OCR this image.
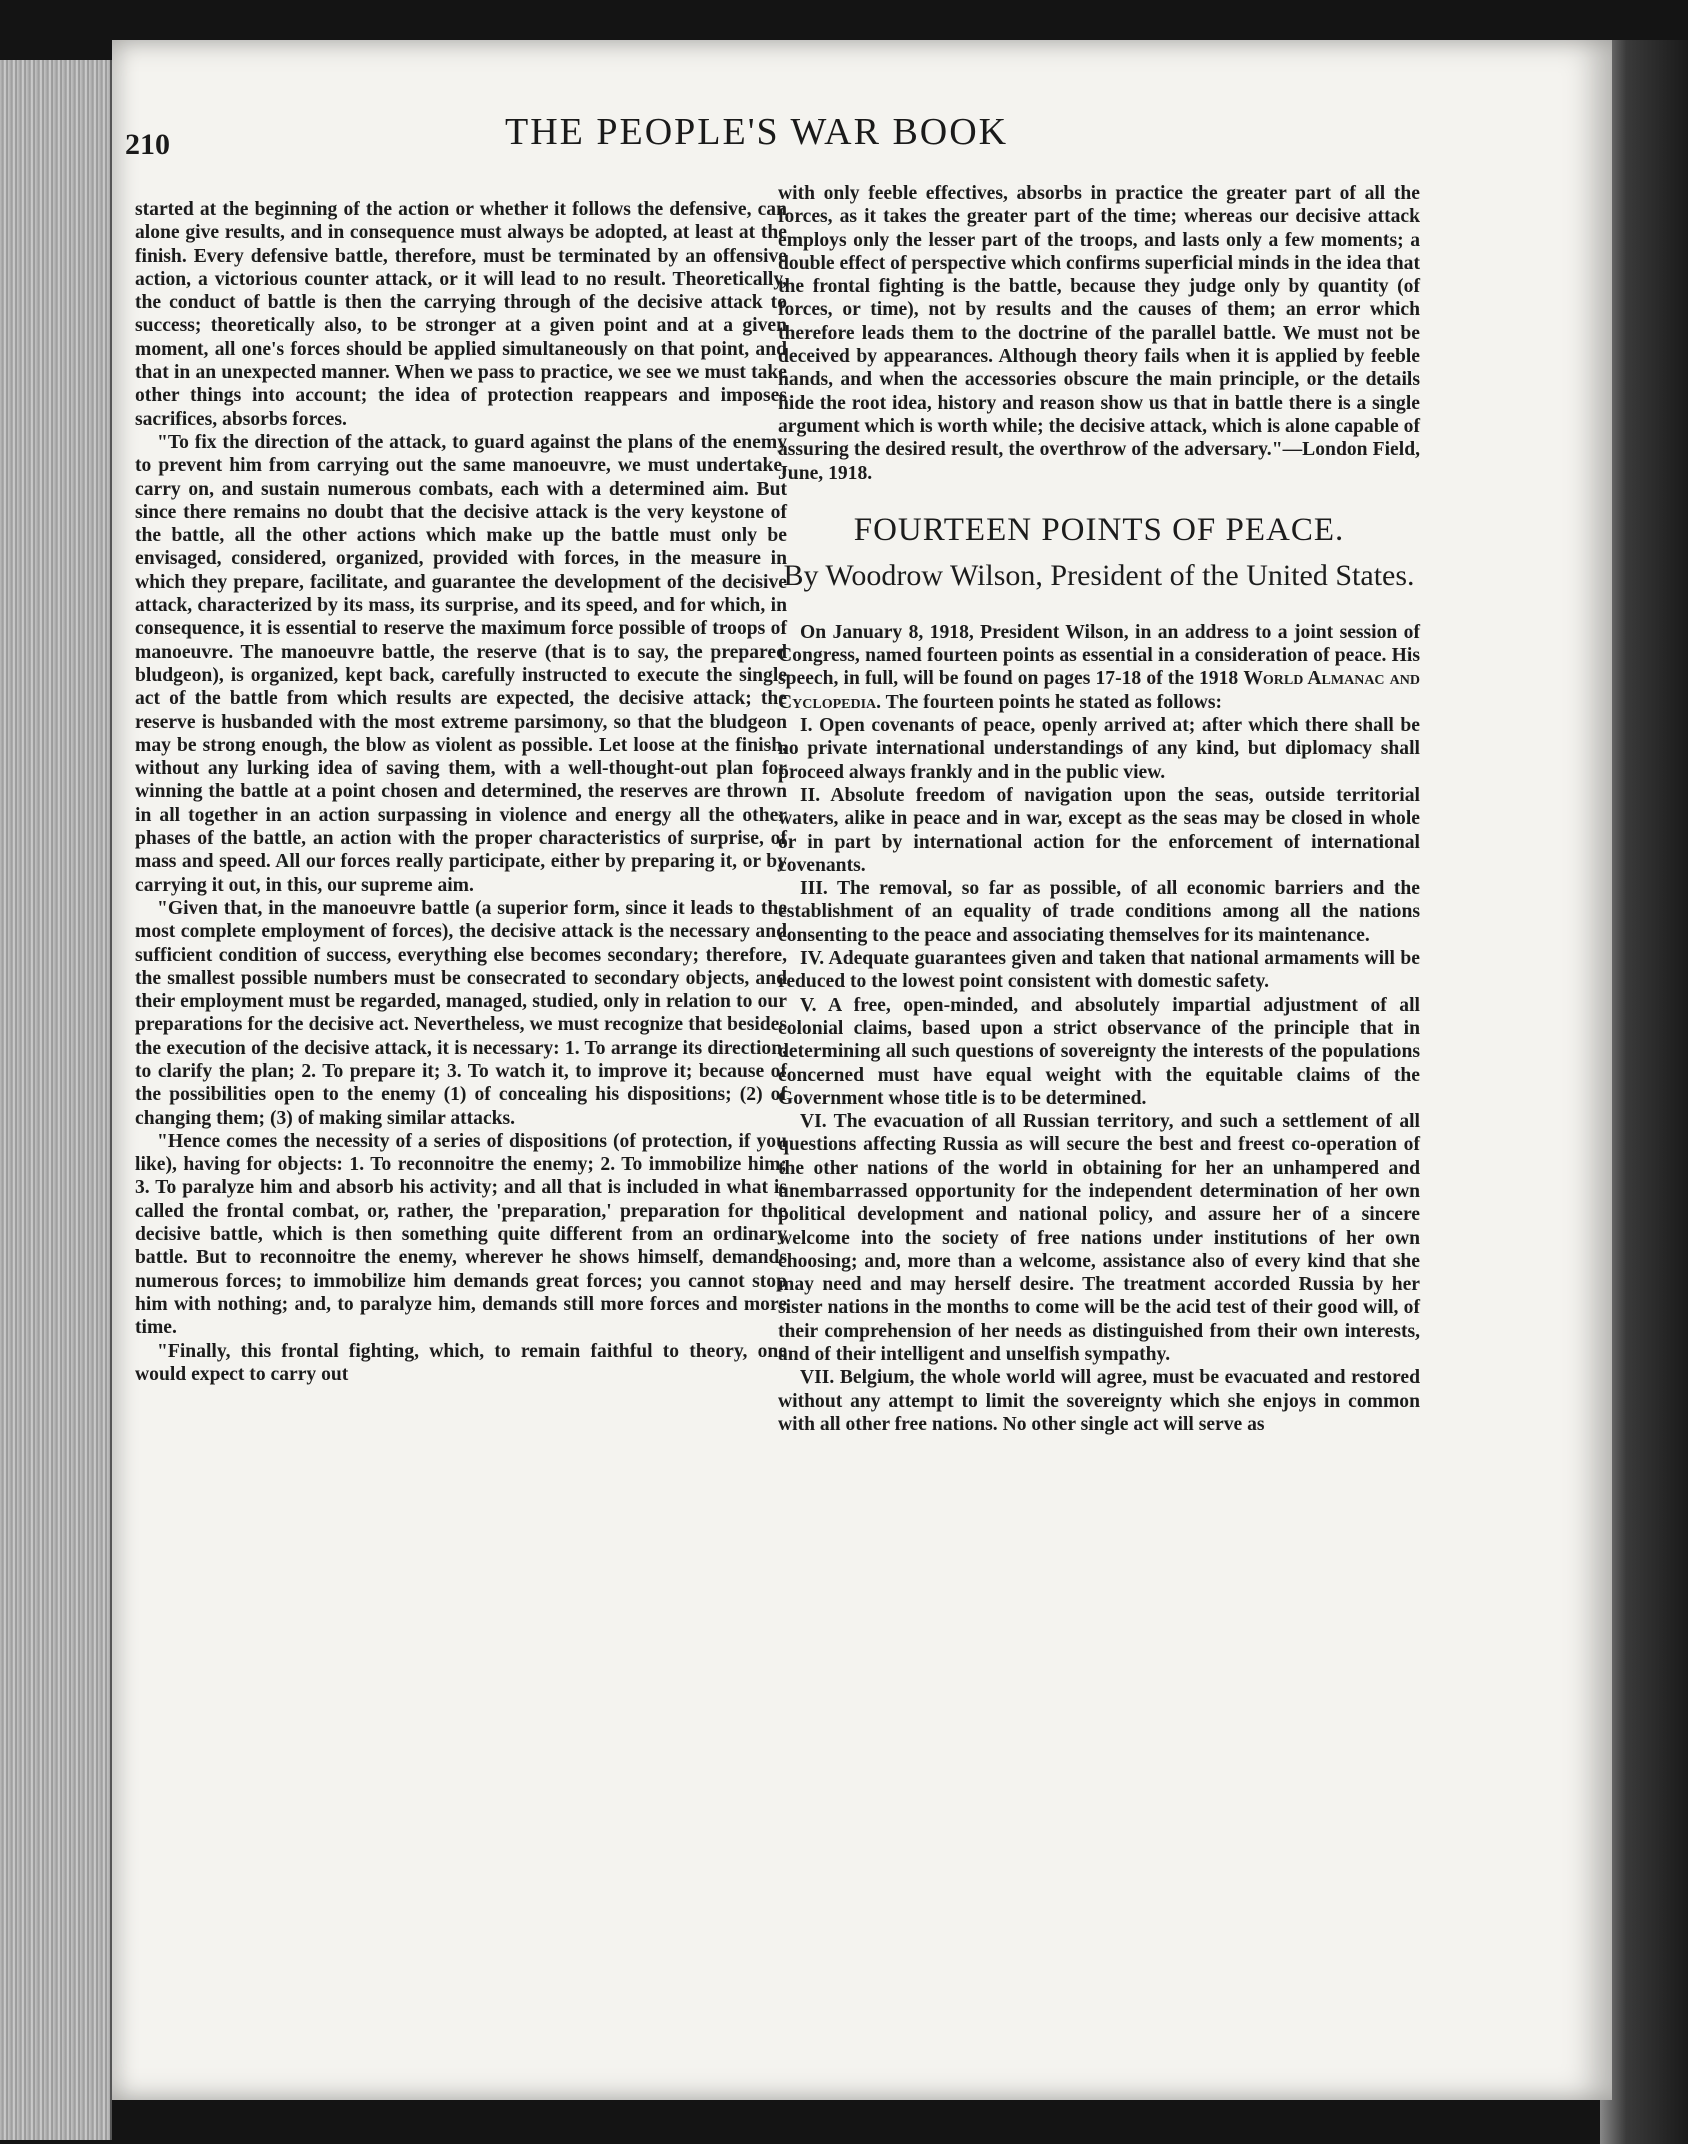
210	THE PEOPLE'S WAR BOOK

started at the beginning of the action or whether it follows the defensive, can alone give results, and in consequence must always be adopted, at least at the finish. Every defensive battle, therefore, must be terminated by an offensive action, a victorious counter attack, or it will lead to no result. Theoretically, the conduct of battle is then the carrying through of the decisive attack to success; theoretically also, to be stronger at a given point and at a given moment, all one's forces should be applied simultaneously on that point, and that in an unexpected manner. When we pass to practice, we see we must take other things into account; the idea of protection reappears and imposes sacrifices, absorbs forces.

"To fix the direction of the attack, to guard against the plans of the enemy to prevent him from carrying out the same manoeuvre, we must undertake, carry on, and sustain numerous combats, each with a determined aim. But since there remains no doubt that the decisive attack is the very keystone of the battle, all the other actions which make up the battle must only be envisaged, considered, organized, provided with forces, in the measure in which they prepare, facilitate, and guarantee the development of the decisive attack, characterized by its mass, its surprise, and its speed, and for which, in consequence, it is essential to reserve the maximum force possible of troops of manoeuvre. The manoeuvre battle, the reserve (that is to say, the prepared bludgeon), is organized, kept back, carefully instructed to execute the single act of the battle from which results are expected, the decisive attack; the reserve is husbanded with the most extreme parsimony, so that the bludgeon may be strong enough, the blow as violent as possible. Let loose at the finish, without any lurking idea of saving them, with a well-thought-out plan for winning the battle at a point chosen and determined, the reserves are thrown in all together in an action surpassing in violence and energy all the other phases of the battle, an action with the proper characteristics of surprise, of mass and speed. All our forces really participate, either by preparing it, or by carrying it out, in this, our supreme aim.

"Given that, in the manoeuvre battle (a superior form, since it leads to the most complete employment of forces), the decisive attack is the necessary and sufficient condition of success, everything else becomes secondary; therefore, the smallest possible numbers must be consecrated to secondary objects, and their employment must be regarded, managed, studied, only in relation to our preparations for the decisive act. Nevertheless, we must recognize that besides the execution of the decisive attack, it is necessary: 1. To arrange its direction, to clarify the plan; 2. To prepare it; 3. To watch it, to improve it; because of the possibilities open to the enemy (1) of concealing his dispositions; (2) of changing them; (3) of making similar attacks.

"Hence comes the necessity of a series of dispositions (of protection, if you like), having for objects: 1. To reconnoitre the enemy; 2. To immobilize him; 3. To paralyze him and absorb his activity; and all that is included in what is called the frontal combat, or, rather, the 'preparation,' preparation for the decisive battle, which is then something quite different from an ordinary battle. But to reconnoitre the enemy, wherever he shows himself, demands numerous forces; to immobilize him demands great forces; you cannot stop him with nothing; and, to paralyze him, demands still more forces and more time.

"Finally, this frontal fighting, which, to remain faithful to theory, one would expect to carry out

with only feeble effectives, absorbs in practice the greater part of all the forces, as it takes the greater part of the time; whereas our decisive attack employs only the lesser part of the troops, and lasts only a few moments; a double effect of perspective which confirms superficial minds in the idea that the frontal fighting is the battle, because they judge only by quantity (of forces, or time), not by results and the causes of them; an error which therefore leads them to the doctrine of the parallel battle. We must not be deceived by appearances. Although theory fails when it is applied by feeble hands, and when the accessories obscure the main principle, or the details hide the root idea, history and reason show us that in battle there is a single argument which is worth while; the decisive attack, which is alone capable of assuring the desired result, the overthrow of the adversary."—London Field, June, 1918.

FOURTEEN POINTS OF PEACE.
By Woodrow Wilson, President of the United States.

On January 8, 1918, President Wilson, in an address to a joint session of Congress, named fourteen points as essential in a consideration of peace. His speech, in full, will be found on pages 17-18 of the 1918 World Almanac and Cyclopedia. The fourteen points he stated as follows:

I. Open covenants of peace, openly arrived at; after which there shall be no private international understandings of any kind, but diplomacy shall proceed always frankly and in the public view.

II. Absolute freedom of navigation upon the seas, outside territorial waters, alike in peace and in war, except as the seas may be closed in whole or in part by international action for the enforcement of international covenants.

III. The removal, so far as possible, of all economic barriers and the establishment of an equality of trade conditions among all the nations consenting to the peace and associating themselves for its maintenance.

IV. Adequate guarantees given and taken that national armaments will be reduced to the lowest point consistent with domestic safety.

V. A free, open-minded, and absolutely impartial adjustment of all colonial claims, based upon a strict observance of the principle that in determining all such questions of sovereignty the interests of the populations concerned must have equal weight with the equitable claims of the Government whose title is to be determined.

VI. The evacuation of all Russian territory, and such a settlement of all questions affecting Russia as will secure the best and freest co-operation of the other nations of the world in obtaining for her an unhampered and unembarrassed opportunity for the independent determination of her own political development and national policy, and assure her of a sincere welcome into the society of free nations under institutions of her own choosing; and, more than a welcome, assistance also of every kind that she may need and may herself desire. The treatment accorded Russia by her sister nations in the months to come will be the acid test of their good will, of their comprehension of her needs as distinguished from their own interests, and of their intelligent and unselfish sympathy.

VII. Belgium, the whole world will agree, must be evacuated and restored without any attempt to limit the sovereignty which she enjoys in common with all other free nations. No other single act will serve as
